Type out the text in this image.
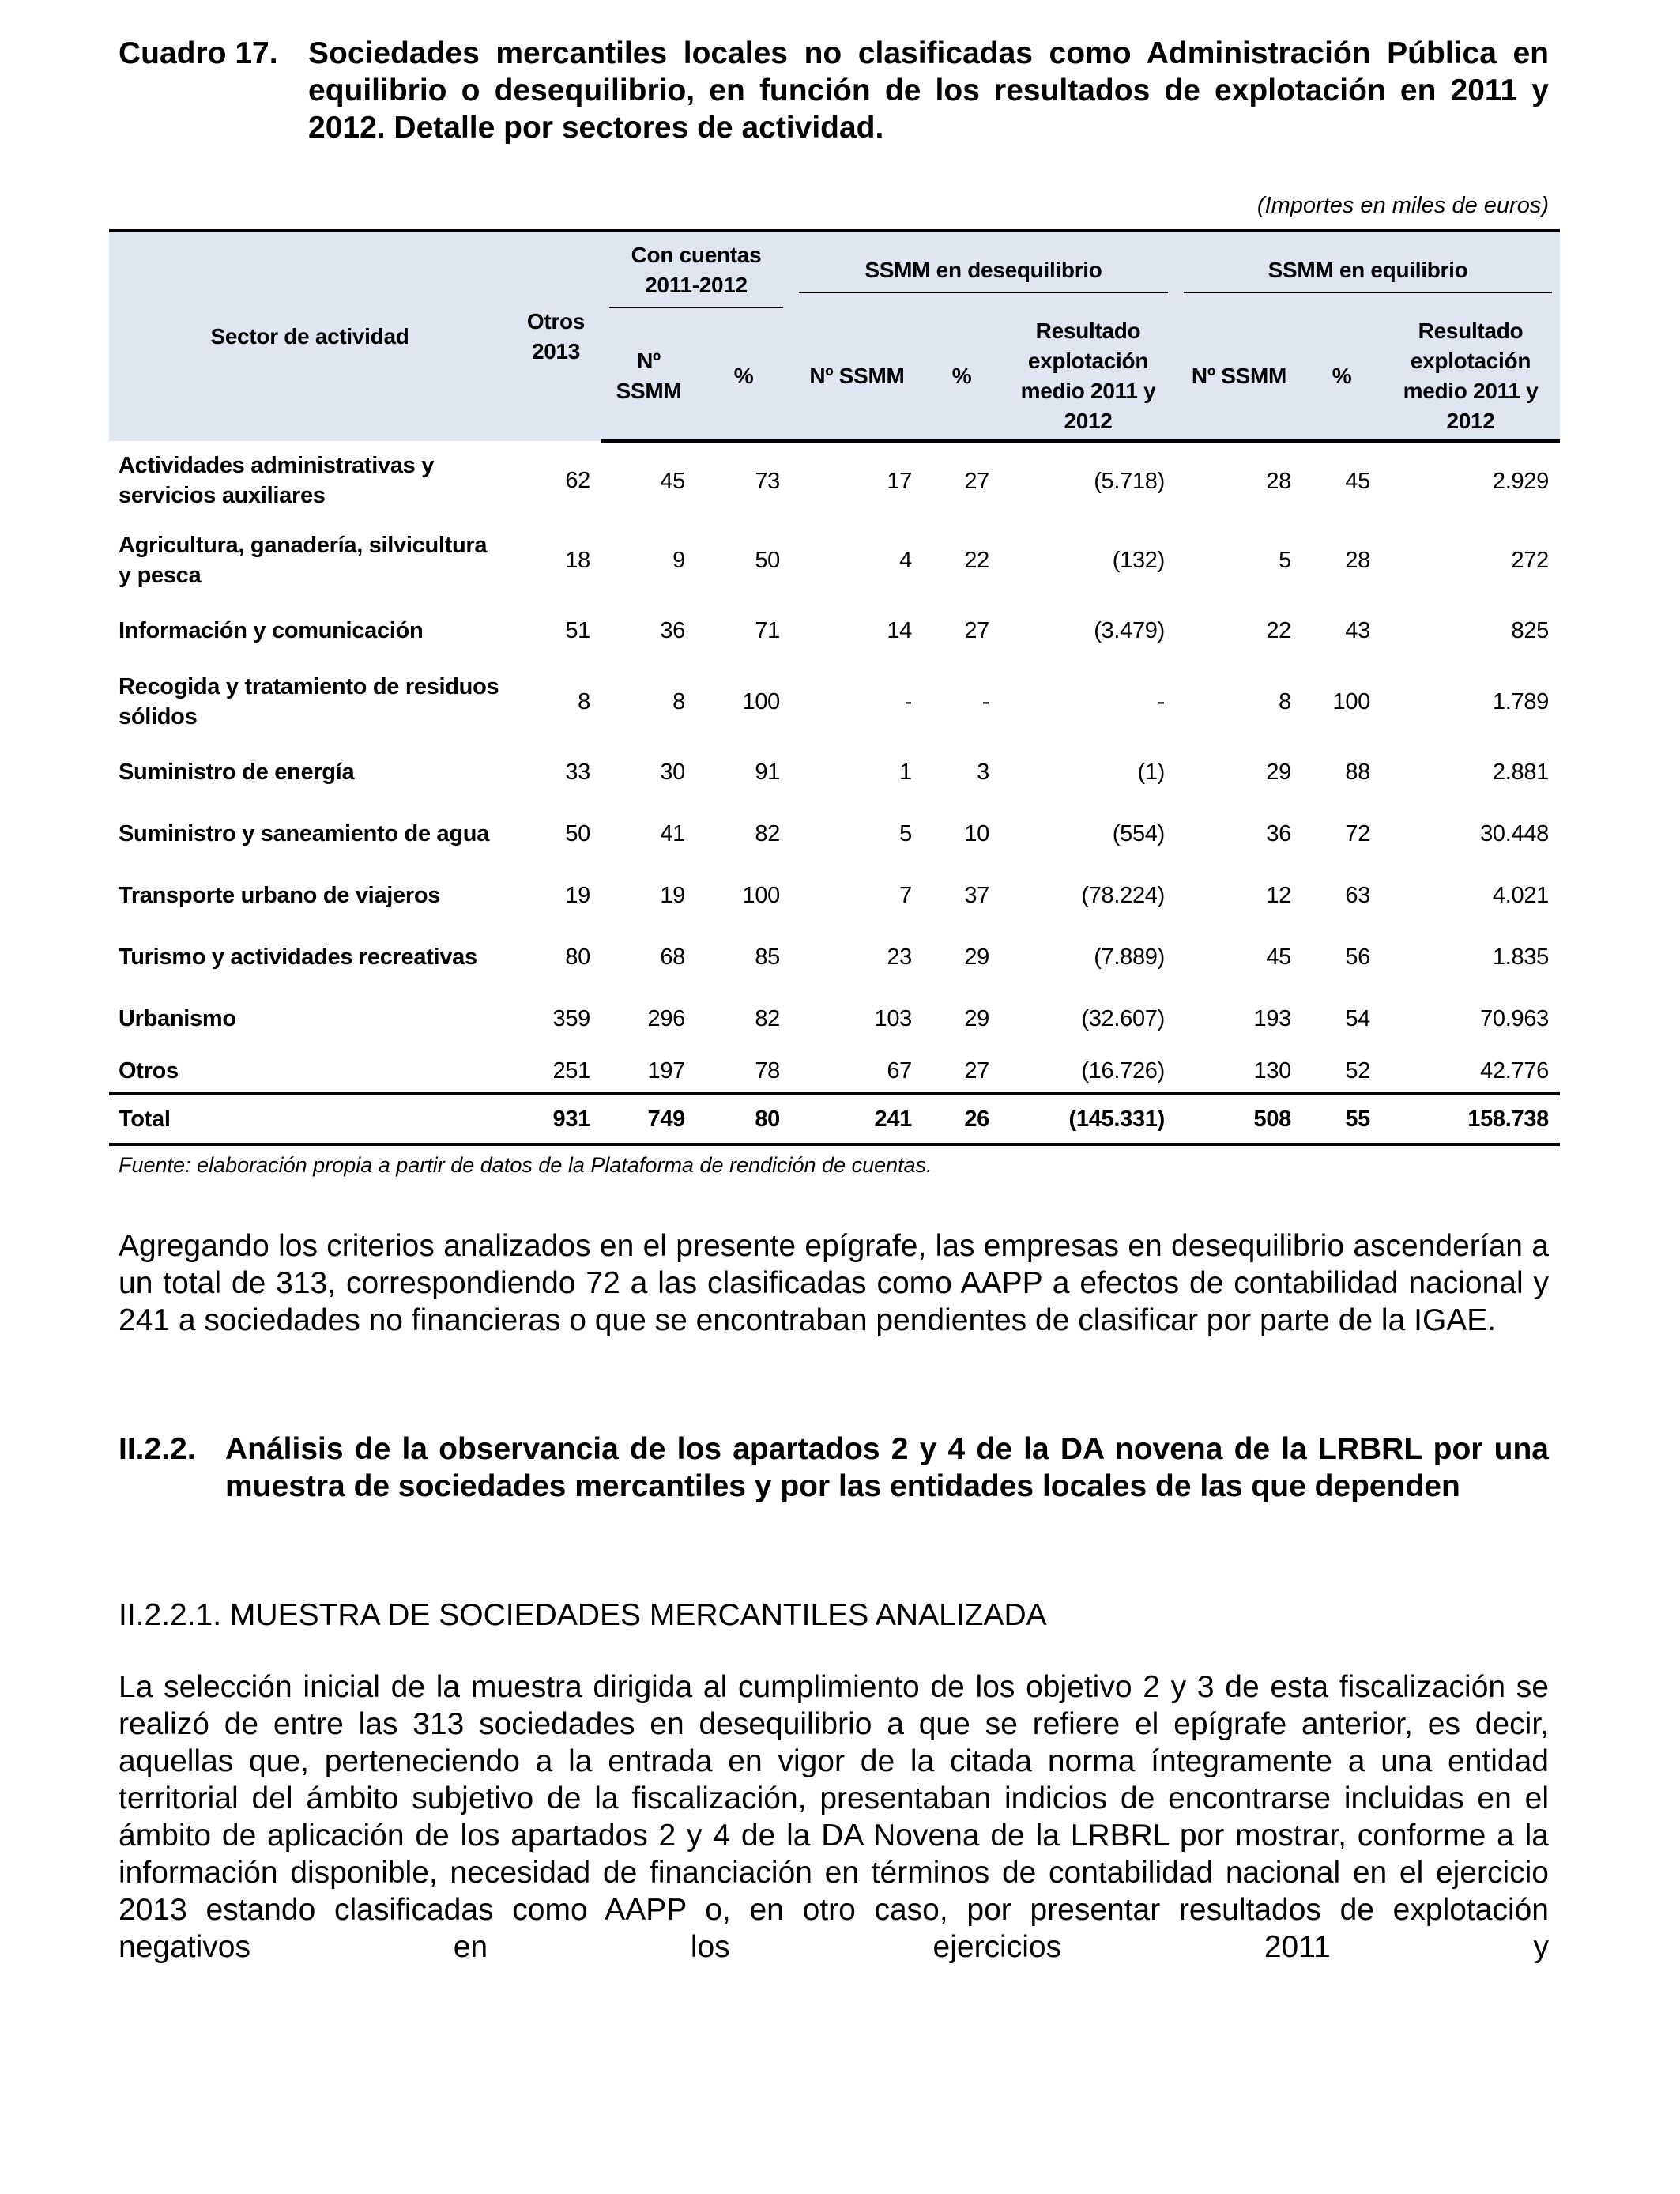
Cuadro 17. Sociedades mercantiles locales no clasificadas como Administración Pública en equilibrio o desequilibrio, en función de los resultados de explotación en 2011 y 2012. Detalle por sectores de actividad.
(Importes en miles de euros)
Sector de actividad	Otros 2013	Con cuentas 2011-2012		SSMM en desequilibrio			SSMM en equilibrio		

		Nº SSMM	%	Nº SSMM	%	Resultado explotación medio 2011 y 2012	Nº SSMM	%	Resultado explotación medio 2011 y 2012
Actividades administrativas y servicios auxiliares	62	45	73	17	27	(5.718)	28	45	2.929
Agricultura, ganadería, silvicultura y pesca	18	9	50	4	22	(132)	5	28	272
Información y comunicación	51	36	71	14	27	(3.479)	22	43	825
Recogida y tratamiento de residuos sólidos	8	8	100	-	-	-	8	100	1.789
Suministro de energía	33	30	91	1	3	(1)	29	88	2.881
Suministro y saneamiento de agua	50	41	82	5	10	(554)	36	72	30.448
Transporte urbano de viajeros	19	19	100	7	37	(78.224)	12	63	4.021
Turismo y actividades recreativas	80	68	85	23	29	(7.889)	45	56	1.835
Urbanismo	359	296	82	103	29	(32.607)	193	54	70.963
Otros	251	197	78	67	27	(16.726)	130	52	42.776
Total	931	749	80	241	26	(145.331)	508	55	158.738
Fuente: elaboración propia a partir de datos de la Plataforma de rendición de cuentas.
Agregando los criterios analizados en el presente epígrafe, las empresas en desequilibrio ascenderían a un total de 313, correspondiendo 72 a las clasificadas como AAPP a efectos de contabilidad nacional y 241 a sociedades no financieras o que se encontraban pendientes de clasificar por parte de la IGAE.
II.2.2. Análisis de la observancia de los apartados 2 y 4 de la DA novena de la LRBRL por una muestra de sociedades mercantiles y por las entidades locales de las que dependen
II.2.2.1. MUESTRA DE SOCIEDADES MERCANTILES ANALIZADA
La selección inicial de la muestra dirigida al cumplimiento de los objetivo 2 y 3 de esta fiscalización se realizó de entre las 313 sociedades en desequilibrio a que se refiere el epígrafe anterior, es decir, aquellas que, perteneciendo a la entrada en vigor de la citada norma íntegramente a una entidad territorial del ámbito subjetivo de la fiscalización, presentaban indicios de encontrarse incluidas en el ámbito de aplicación de los apartados 2 y 4 de la DA Novena de la LRBRL por mostrar, conforme a la información disponible, necesidad de financiación en términos de contabilidad nacional en el ejercicio 2013 estando clasificadas como AAPP o, en otro caso, por presentar resultados de explotación negativos en los ejercicios 2011 y
